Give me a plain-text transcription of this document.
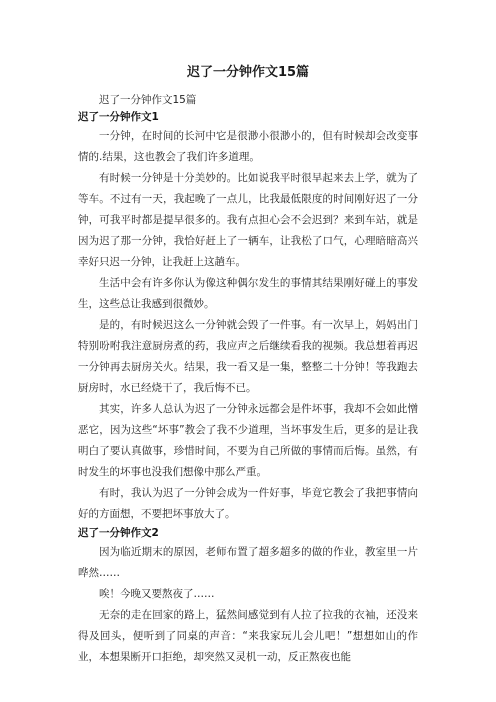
迟了一分钟作文15篇
迟了一分钟作文15篇
迟了一分钟作文1

一分钟，在时间的长河中它是很渺小很渺小的，但有时候却会改变事情的.结果，这也教会了我们许多道理。

有时候一分钟是十分美妙的。比如说我平时很早起来去上学，就为了等车。不过有一天，我起晚了一点儿，比我最低限度的时间刚好迟了一分钟，可我平时都是提早很多的。我有点担心会不会迟到？来到车站，就是因为迟了那一分钟，我恰好赶上了一辆车，让我松了口气，心理暗暗高兴幸好只迟一分钟，让我赶上这趟车。

生活中会有许多你认为像这种偶尔发生的事情其结果刚好碰上的事发生，这些总让我感到很微妙。

是的，有时候迟这么一分钟就会毁了一件事。有一次早上，妈妈出门特别吩咐我注意厨房煮的药，我应声之后继续看我的视频。我总想着再迟一分钟再去厨房关火。结果，我一看又是一集，整整二十分钟！等我跑去厨房时，水已经烧干了，我后悔不已。

其实，许多人总认为迟了一分钟永远都会是件坏事，我却不会如此憎恶它，因为这些“坏事”教会了我不少道理，当坏事发生后，更多的是让我明白了要认真做事，珍惜时间，不要为自己所做的事情而后悔。虽然，有时发生的坏事也没我们想像中那么严重。

有时，我认为迟了一分钟会成为一件好事，毕竟它教会了我把事情向好的方面想，不要把坏事放大了。

迟了一分钟作文2

因为临近期末的原因，老师布置了超多超多的做的作业，教室里一片哗然……

唉！今晚又要熬夜了……

无奈的走在回家的路上，猛然间感觉到有人拉了拉我的衣袖，还没来得及回头，便听到了同桌的声音：“来我家玩儿会儿吧！”想想如山的作业，本想果断开口拒绝，却突然又灵机一动，反正熬夜也能
